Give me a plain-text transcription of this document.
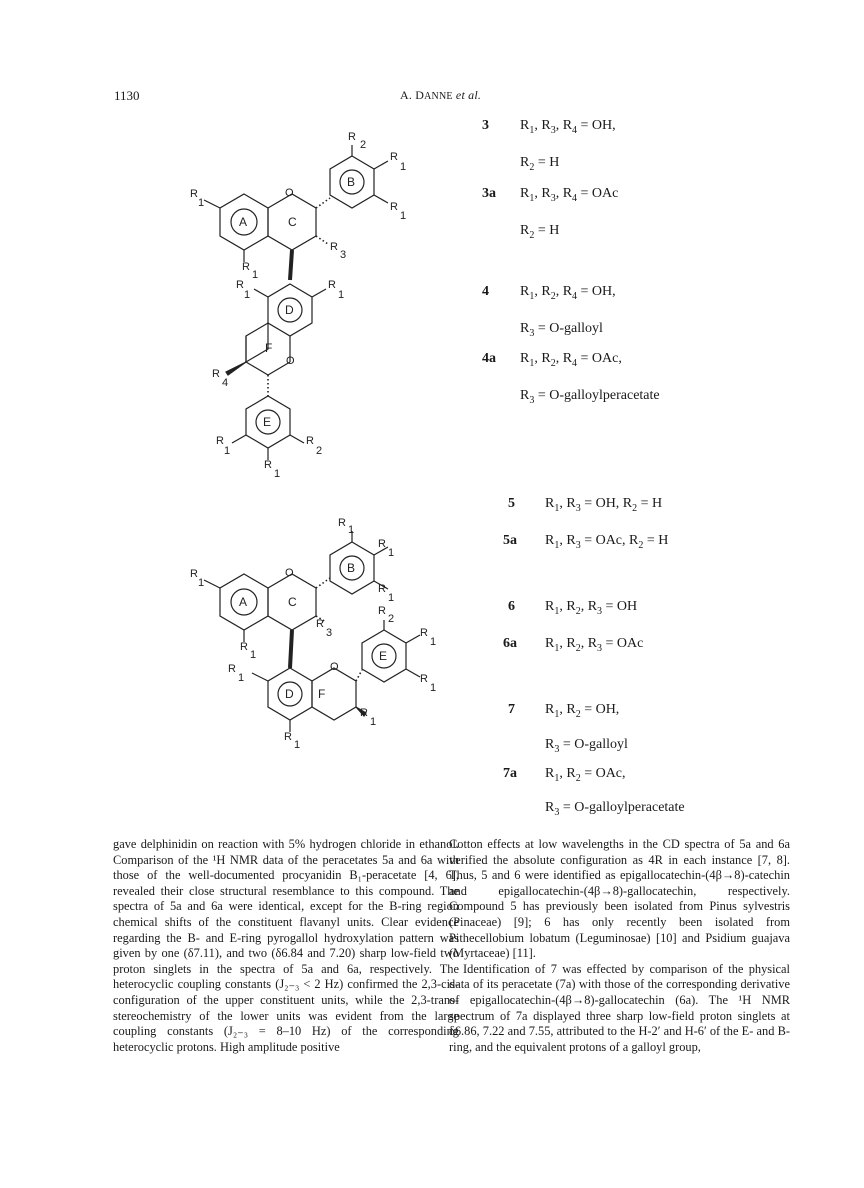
1130	A. DANNE et al.
A	C
O
R
1
R
1
B
R
2
R
1
R
1
R
3
D
R
1
R
1
F
O
R
4
E
R
1
R
2
R
1
A	C
O
R
1
R
1
B
R
1
R
1
R
1
R
3
D
R
1
R
1
F
O
R
1
E
R
2
R
1
R
1
3 $R_1$, $R_3$, $R_4$ = OH,
$R_2 = H$
3a $R_1$, $R_3$, $R_4$ = OAc
$R_2 = H$
4 $R_1$, $R_2$, $R_4$ = OH,
$R_3$ = O-galloyl
4a $R_1$, $R_2$, $R_4$ = OAc,
$R_3$ = O-galloylperacetate
5 $R_1$, $R_3$ = OH, $R_2 = H$
5a $R_1$, $R_3$ = OAc, $R_2 = H$
6 $R_1$, $R_2$, $R_3$ = OH
6a $R_1$, $R_2$, $R_3$ = OAc
7 $R_1$, $R_2$ = OH,
$R_3$ = O-galloyl
7a $R_1$, $R_2$ = OAc,
$R_3$ = O-galloylperacetate

gave delphinidin on reaction with 5% hydrogen chloride in ethanol. Comparison of the ¹H NMR data of the peracetates 5a and 6a with those of the well-documented procyanidin B₁-peracetate [4, 6], revealed their close structural resemblance to this compound. The spectra of 5a and 6a were identical, except for the B-ring region chemical shifts of the constituent flavanyl units. Clear evidence regarding the B- and E-ring pyrogallol hydroxylation pattern was given by one (δ7.11), and two (δ6.84 and 7.20) sharp low-field two proton singlets in the spectra of 5a and 6a, respectively. The heterocyclic coupling constants (J₂₋₃ < 2 Hz) confirmed the 2,3-cis-configuration of the upper constituent units, while the 2,3-trans-stereochemistry of the lower units was evident from the large coupling constants (J₂₋₃ = 8–10 Hz) of the corresponding heterocyclic protons. High amplitude positive

Cotton effects at low wavelengths in the CD spectra of 5a and 6a verified the absolute configuration as 4R in each instance [7, 8]. Thus, 5 and 6 were identified as epigallocatechin-(4β→8)-catechin and epigallocatechin-(4β→8)-gallocatechin, respectively. Compound 5 has previously been isolated from Pinus sylvestris (Pinaceae) [9]; 6 has only recently been isolated from Pithecellobium lobatum (Leguminosae) [10] and Psidium guajava (Myrtaceae) [11].

Identification of 7 was effected by comparison of the physical data of its peracetate (7a) with those of the corresponding derivative of epigallocatechin-(4β→8)-gallocatechin (6a). The ¹H NMR spectrum of 7a displayed three sharp low-field proton singlets at δ6.86, 7.22 and 7.55, attributed to the H-2′ and H-6′ of the E- and B-ring, and the equivalent protons of a galloyl group,
